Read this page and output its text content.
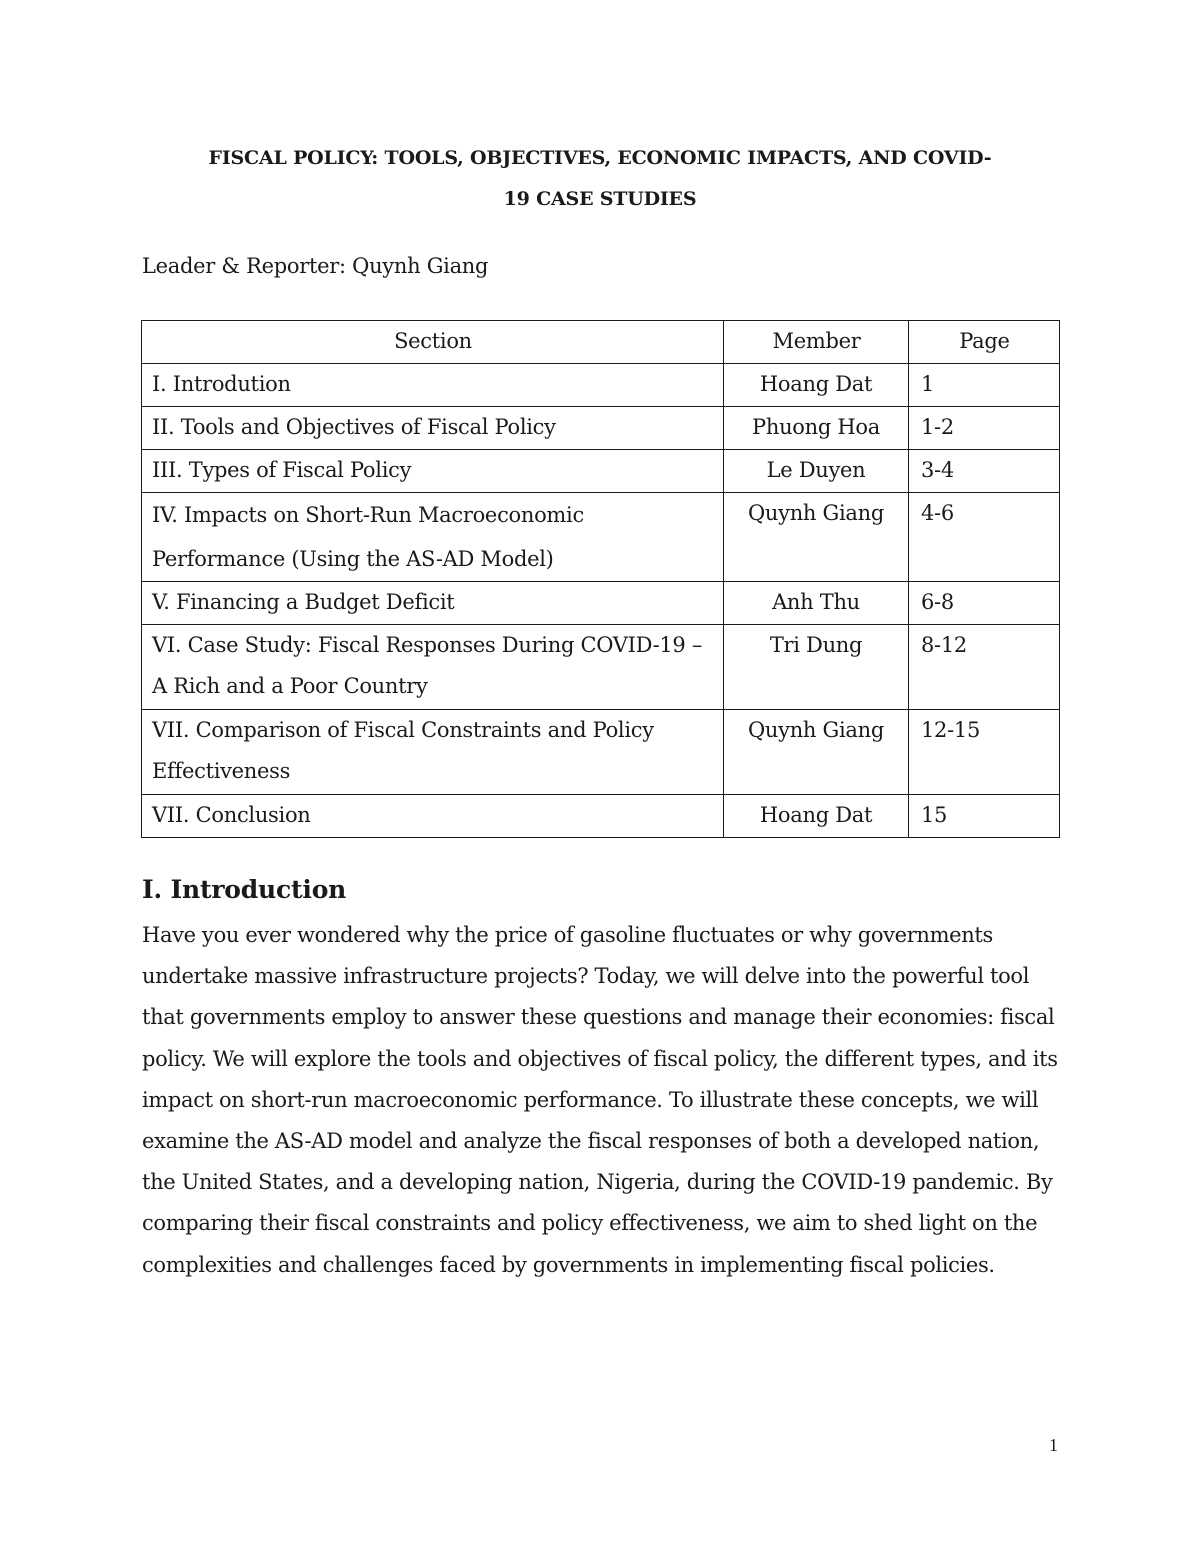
FISCAL POLICY: TOOLS, OBJECTIVES, ECONOMIC IMPACTS, AND COVID-
19 CASE STUDIES
Leader & Reporter: Quynh Giang
Section	Member	Page
I. Introdution	Hoang Dat	1
II. Tools and Objectives of Fiscal Policy	Phuong Hoa	1-2
III. Types of Fiscal Policy	Le Duyen	3-4
IV. Impacts on Short-Run Macroeconomic Performance (Using the AS-AD Model)	Quynh Giang	4-6
V. Financing a Budget Deficit	Anh Thu	6-8
VI. Case Study: Fiscal Responses During COVID-19 – A Rich and a Poor Country	Tri Dung	8-12
VII. Comparison of Fiscal Constraints and Policy Effectiveness	Quynh Giang	12-15
VII. Conclusion	Hoang Dat	15
I. Introduction
Have you ever wondered why the price of gasoline fluctuates or why governments undertake massive infrastructure projects? Today, we will delve into the powerful tool that governments employ to answer these questions and manage their economies: fiscal policy. We will explore the tools and objectives of fiscal policy, the different types, and its impact on short-run macroeconomic performance. To illustrate these concepts, we will examine the AS-AD model and analyze the fiscal responses of both a developed nation, the United States, and a developing nation, Nigeria, during the COVID-19 pandemic. By comparing their fiscal constraints and policy effectiveness, we aim to shed light on the complexities and challenges faced by governments in implementing fiscal policies.
1
